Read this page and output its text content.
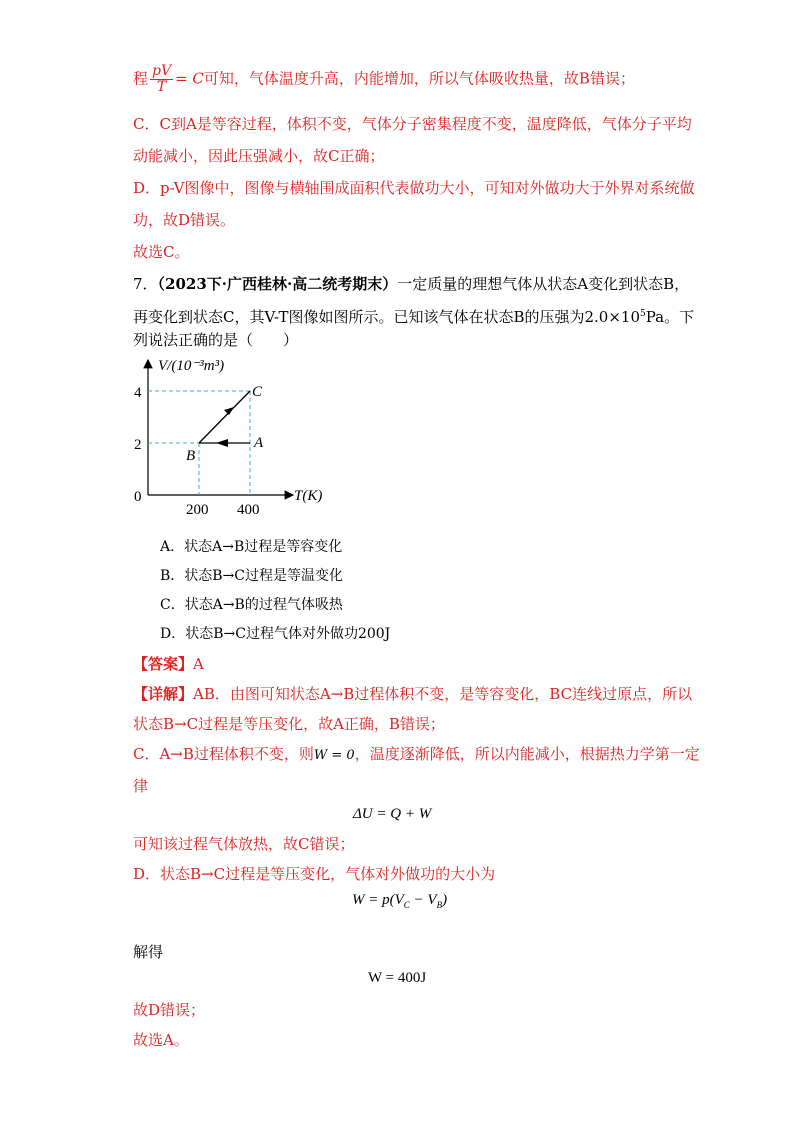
程 $\frac{pV}{T} = C$可知，气体温度升高，内能增加，所以气体吸收热量，故B错误；
C．C到A是等容过程，体积不变，气体分子密集程度不变，温度降低，气体分子平均
动能减小，因此压强减小，故C正确；
D．p-V图像中，图像与横轴围成面积代表做功大小，可知对外做功大于外界对系统做
功，故D错误。
故选C。
7．（2023下·广西桂林·高二统考期末）一定质量的理想气体从状态A变化到状态B，
再变化到状态C，其V-T图像如图所示。已知该气体在状态B的压强为$2.0\times 10^5Pa$。下
列说法正确的是（　　）
V/(10⁻³m³)
T(K)
4
2
0
200 400
A
B
C
A．状态A→B过程是等容变化
B．状态B→C过程是等温变化
C．状态A→B的过程气体吸热
D．状态B→C过程气体对外做功200J
【答案】A
【详解】AB．由图可知状态A→B过程体积不变，是等容变化，BC连线过原点，所以
状态B→C过程是等压变化，故A正确，B错误；
C．A→B过程体积不变，则W = 0，温度逐渐降低，所以内能减小，根据热力学第一定
律
ΔU = Q + W
可知该过程气体放热，故C错误；
D．状态B→C过程是等压变化，气体对外做功的大小为
$W = p(V_C - V_B)$
解得
W = 400J
故D错误；
故选A。
